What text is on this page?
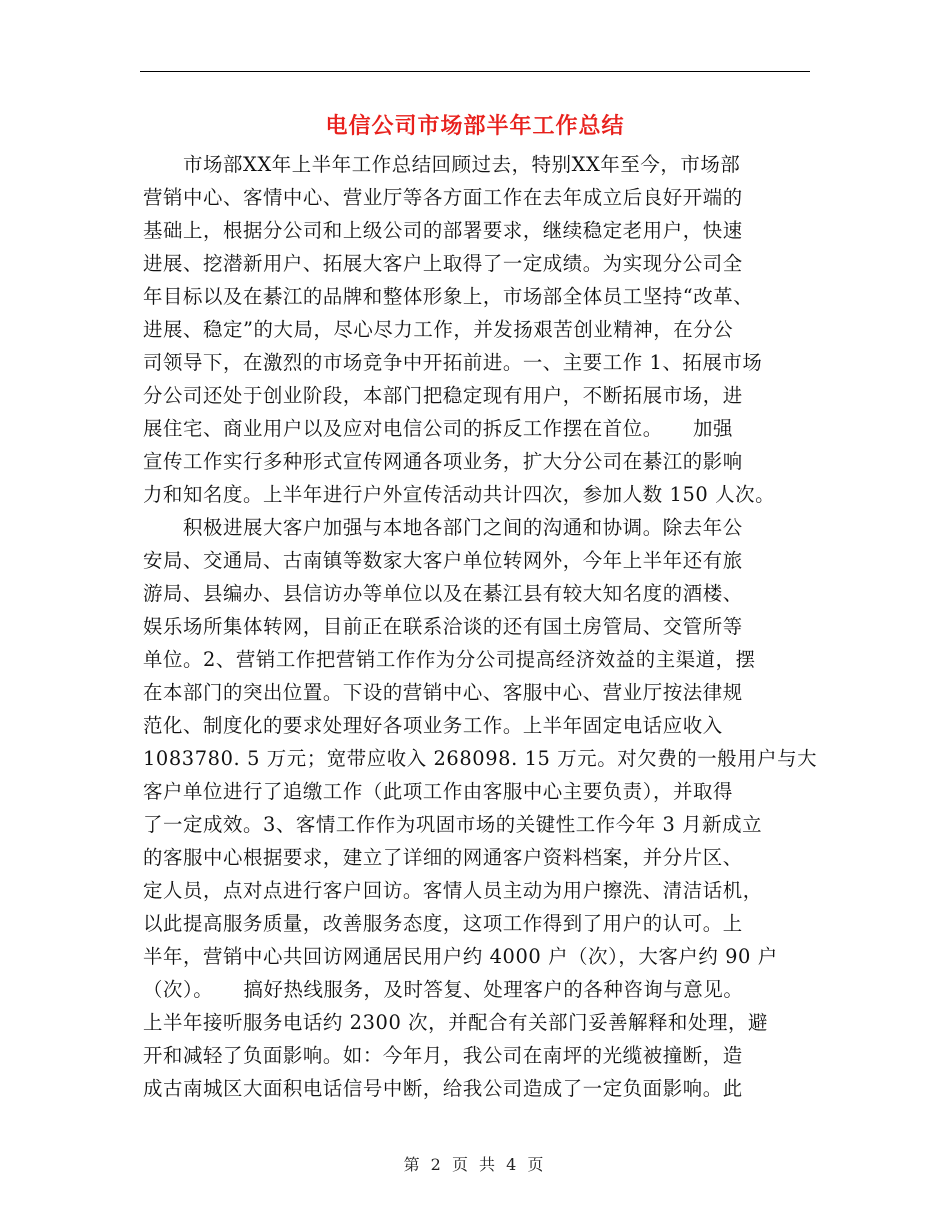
电信公司市场部半年工作总结
　　市场部XX年上半年工作总结回顾过去，特别XX年至今，市场部
营销中心、客情中心、营业厅等各方面工作在去年成立后良好开端的
基础上，根据分公司和上级公司的部署要求，继续稳定老用户，快速
进展、挖潜新用户、拓展大客户上取得了一定成绩。为实现分公司全
年目标以及在綦江的品牌和整体形象上，市场部全体员工坚持“改革、
进展、稳定”的大局，尽心尽力工作，并发扬艰苦创业精神，在分公
司领导下，在激烈的市场竞争中开拓前进。一、主要工作 1、拓展市场
分公司还处于创业阶段，本部门把稳定现有用户，不断拓展市场，进
展住宅、商业用户以及应对电信公司的拆反工作摆在首位。　　加强
宣传工作实行多种形式宣传网通各项业务，扩大分公司在綦江的影响
力和知名度。上半年进行户外宣传活动共计四次，参加人数 150 人次。
　　积极进展大客户加强与本地各部门之间的沟通和协调。除去年公
安局、交通局、古南镇等数家大客户单位转网外，今年上半年还有旅
游局、县编办、县信访办等单位以及在綦江县有较大知名度的酒楼、
娱乐场所集体转网，目前正在联系洽谈的还有国土房管局、交管所等
单位。2、营销工作把营销工作作为分公司提高经济效益的主渠道，摆
在本部门的突出位置。下设的营销中心、客服中心、营业厅按法律规
范化、制度化的要求处理好各项业务工作。上半年固定电话应收入
1083780. 5 万元；宽带应收入 268098. 15 万元。对欠费的一般用户与大
客户单位进行了追缴工作（此项工作由客服中心主要负责），并取得
了一定成效。3、客情工作作为巩固市场的关键性工作今年 3 月新成立
的客服中心根据要求，建立了详细的网通客户资料档案，并分片区、
定人员，点对点进行客户回访。客情人员主动为用户擦洗、清洁话机，
以此提高服务质量，改善服务态度，这项工作得到了用户的认可。上
半年，营销中心共回访网通居民用户约 4000 户（次），大客户约 90 户
（次）。　　搞好热线服务，及时答复、处理客户的各种咨询与意见。
上半年接听服务电话约 2300 次，并配合有关部门妥善解释和处理，避
开和减轻了负面影响。如：今年月，我公司在南坪的光缆被撞断，造
成古南城区大面积电话信号中断，给我公司造成了一定负面影响。此
第 2 页 共 4 页
